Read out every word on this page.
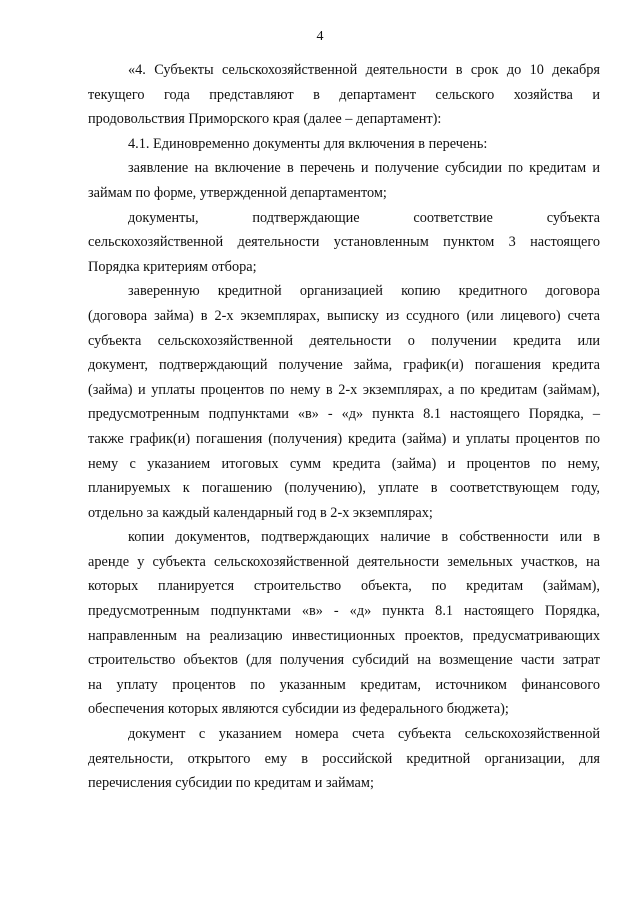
4
«4. Субъекты сельскохозяйственной деятельности в срок до 10 декабря
текущего года представляют в департамент сельского хозяйства и
продовольствия Приморского края (далее – департамент):
4.1. Единовременно документы для включения в перечень:
заявление на включение в перечень и получение субсидии по кредитам и
займам по форме, утвержденной департаментом;
документы, подтверждающие соответствие субъекта
сельскохозяйственной деятельности установленным пунктом 3 настоящего
Порядка критериям отбора;
заверенную кредитной организацией копию кредитного договора
(договора займа) в 2-х экземплярах, выписку из ссудного (или лицевого) счета
субъекта сельскохозяйственной деятельности о получении кредита или
документ, подтверждающий получение займа, график(и) погашения кредита
(займа) и уплаты процентов по нему в 2-х экземплярах, а по кредитам (займам),
предусмотренным подпунктами «в» - «д» пункта 8.1 настоящего Порядка, –
также график(и) погашения (получения) кредита (займа) и уплаты процентов по
нему с указанием итоговых сумм кредита (займа) и процентов по нему,
планируемых к погашению (получению), уплате в соответствующем году,
отдельно за каждый календарный год в 2-х экземплярах;
копии документов, подтверждающих наличие в собственности или в
аренде у субъекта сельскохозяйственной деятельности земельных участков, на
которых планируется строительство объекта, по кредитам (займам),
предусмотренным подпунктами «в» - «д» пункта 8.1 настоящего Порядка,
направленным на реализацию инвестиционных проектов, предусматривающих
строительство объектов (для получения субсидий на возмещение части затрат
на уплату процентов по указанным кредитам, источником финансового
обеспечения которых являются субсидии из федерального бюджета);
документ с указанием номера счета субъекта сельскохозяйственной
деятельности, открытого ему в российской кредитной организации, для
перечисления субсидии по кредитам и займам;
